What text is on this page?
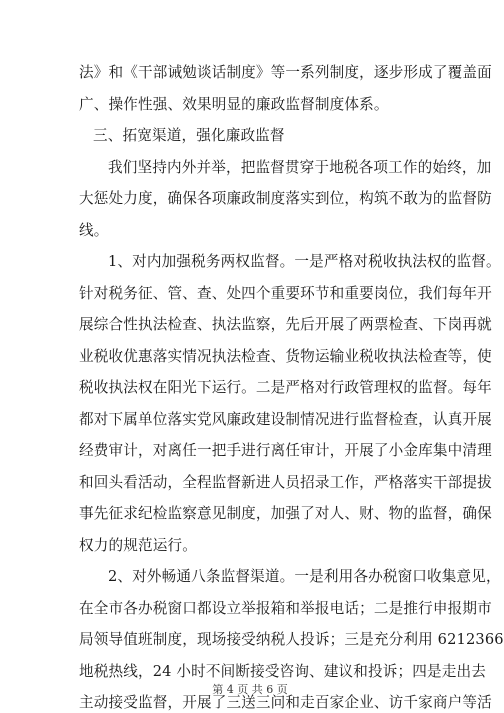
法》和《干部诫勉谈话制度》等一系列制度，逐步形成了覆盖面
广、操作性强、效果明显的廉政监督制度体系。
三、拓宽渠道，强化廉政监督
我们坚持内外并举，把监督贯穿于地税各项工作的始终，加
大惩处力度，确保各项廉政制度落实到位，构筑不敢为的监督防
线。
1、对内加强税务两权监督。一是严格对税收执法权的监督。
针对税务征、管、查、处四个重要环节和重要岗位，我们每年开
展综合性执法检查、执法监察，先后开展了两票检查、下岗再就
业税收优惠落实情况执法检查、货物运输业税收执法检查等，使
税收执法权在阳光下运行。二是严格对行政管理权的监督。每年
都对下属单位落实党风廉政建设制情况进行监督检查，认真开展
经费审计，对离任一把手进行离任审计，开展了小金库集中清理
和回头看活动，全程监督新进人员招录工作，严格落实干部提拔
事先征求纪检监察意见制度，加强了对人、财、物的监督，确保
权力的规范运行。
2、对外畅通八条监督渠道。一是利用各办税窗口收集意见，
在全市各办税窗口都设立举报箱和举报电话；二是推行申报期市
局领导值班制度，现场接受纳税人投诉；三是充分利用 6212366
地税热线，24 小时不间断接受咨询、建议和投诉；四是走出去
主动接受监督，开展了三送三问和走百家企业、访千家商户等活
第 4 页 共 6 页
